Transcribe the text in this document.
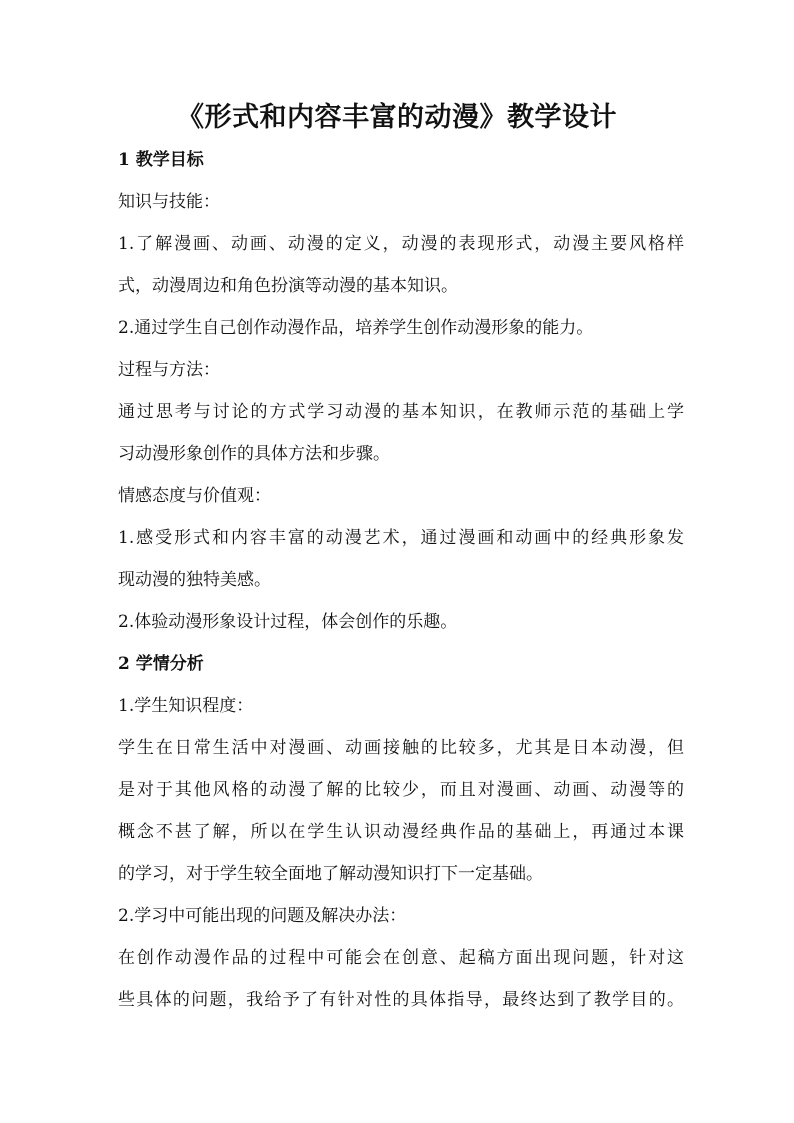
《形式和内容丰富的动漫》教学设计
1 教学目标
知识与技能：
1.了解漫画、动画、动漫的定义，动漫的表现形式，动漫主要风格样
式，动漫周边和角色扮演等动漫的基本知识。
2.通过学生自己创作动漫作品，培养学生创作动漫形象的能力。
过程与方法：
通过思考与讨论的方式学习动漫的基本知识，在教师示范的基础上学
习动漫形象创作的具体方法和步骤。
情感态度与价值观：
1.感受形式和内容丰富的动漫艺术，通过漫画和动画中的经典形象发
现动漫的独特美感。
2.体验动漫形象设计过程，体会创作的乐趣。
2 学情分析
1.学生知识程度：
学生在日常生活中对漫画、动画接触的比较多，尤其是日本动漫，但
是对于其他风格的动漫了解的比较少，而且对漫画、动画、动漫等的
概念不甚了解，所以在学生认识动漫经典作品的基础上，再通过本课
的学习，对于学生较全面地了解动漫知识打下一定基础。
2.学习中可能出现的问题及解决办法：
在创作动漫作品的过程中可能会在创意、起稿方面出现问题，针对这
些具体的问题，我给予了有针对性的具体指导，最终达到了教学目的。
